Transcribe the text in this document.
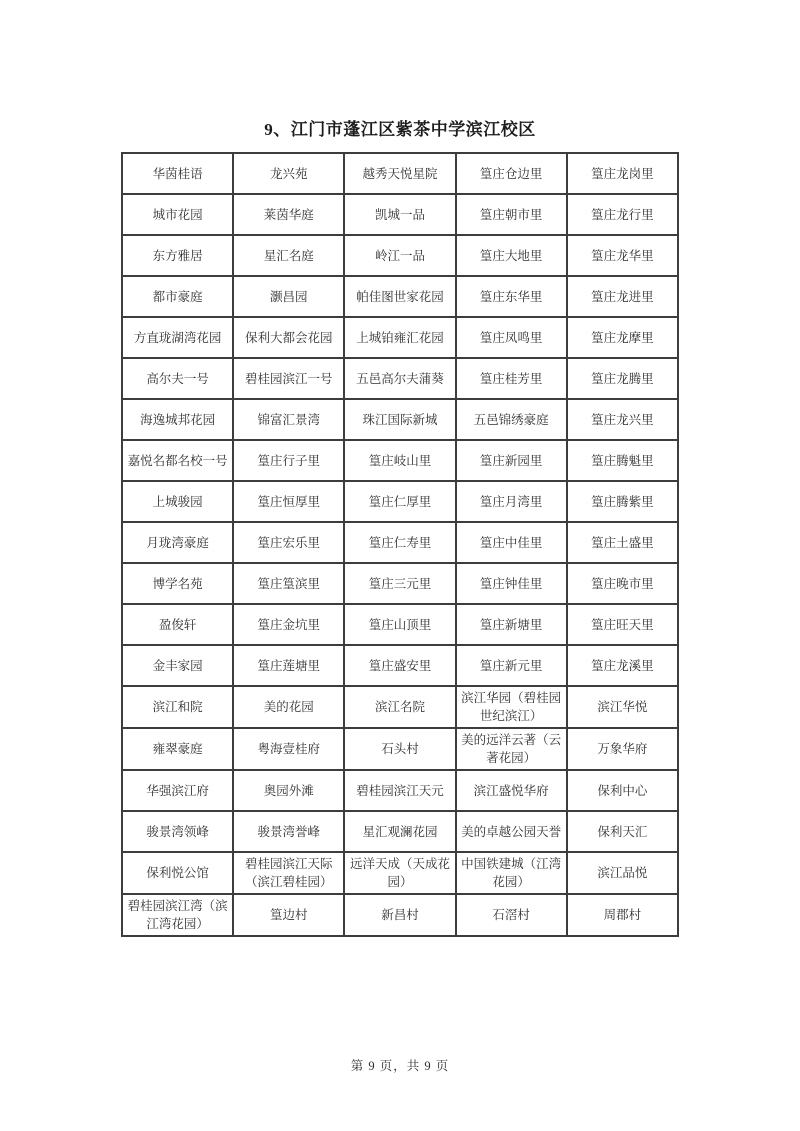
9、江门市蓬江区紫茶中学滨江校区
华茵桂语	龙兴苑	越秀天悦星院	篁庄仓边里	篁庄龙岗里
城市花园	莱茵华庭	凯城一品	篁庄朝市里	篁庄龙行里
东方雅居	星汇名庭	岭江一品	篁庄大地里	篁庄龙华里
都市豪庭	灏昌园	帕佳图世家花园	篁庄东华里	篁庄龙进里
方直珑湖湾花园	保利大都会花园	上城铂雍汇花园	篁庄凤鸣里	篁庄龙摩里
高尔夫一号	碧桂园滨江一号	五邑高尔夫蒲葵	篁庄桂芳里	篁庄龙腾里
海逸城邦花园	锦富汇景湾	珠江国际新城	五邑锦绣豪庭	篁庄龙兴里
嘉悦名都名校一号	篁庄行子里	篁庄岐山里	篁庄新园里	篁庄腾魁里
上城骏园	篁庄恒厚里	篁庄仁厚里	篁庄月湾里	篁庄腾紫里
月珑湾豪庭	篁庄宏乐里	篁庄仁寿里	篁庄中佳里	篁庄土盛里
博学名苑	篁庄篁滨里	篁庄三元里	篁庄钟佳里	篁庄晚市里
盈俊轩	篁庄金坑里	篁庄山顶里	篁庄新塘里	篁庄旺天里
金丰家园	篁庄莲塘里	篁庄盛安里	篁庄新元里	篁庄龙溪里
滨江和院	美的花园	滨江名院	滨江华园（碧桂园世纪滨江）	滨江华悦
雍翠豪庭	粤海壹桂府	石头村	美的远洋云著（云著花园）	万象华府
华强滨江府	奥园外滩	碧桂园滨江天元	滨江盛悦华府	保利中心
骏景湾领峰	骏景湾誉峰	星汇观澜花园	美的卓越公园天誉	保利天汇
保利悦公馆	碧桂园滨江天际（滨江碧桂园）	远洋天成（天成花园）	中国铁建城（江湾花园）	滨江品悦
碧桂园滨江湾（滨江湾花园）	篁边村	新昌村	石滘村	周郡村
第 9 页，共 9 页
